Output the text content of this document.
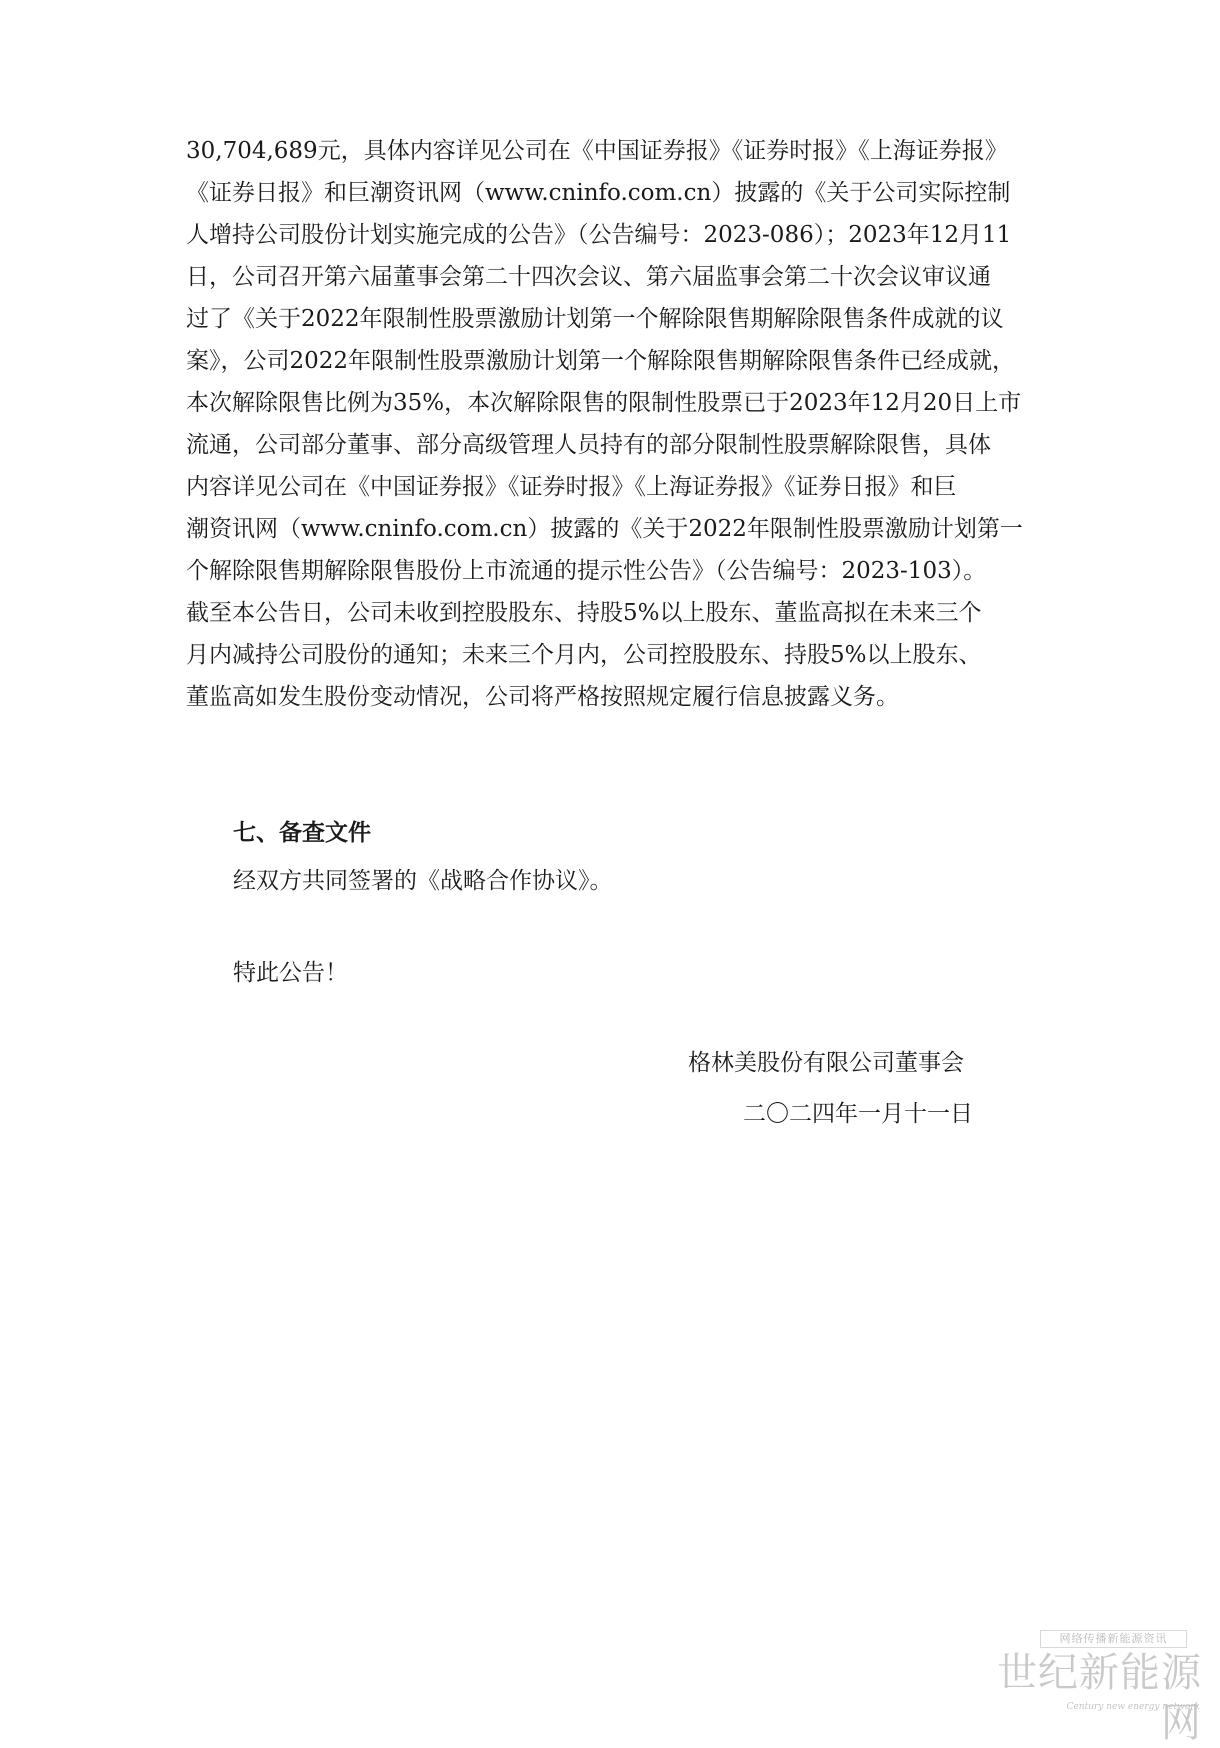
30,704,689元，具体内容详见公司在《中国证券报》《证券时报》《上海证券报》
《证券日报》和巨潮资讯网（www.cninfo.com.cn）披露的《关于公司实际控制
人增持公司股份计划实施完成的公告》（公告编号：2023-086）；2023年12月11
日，公司召开第六届董事会第二十四次会议、第六届监事会第二十次会议审议通
过了《关于2022年限制性股票激励计划第一个解除限售期解除限售条件成就的议
案》，公司2022年限制性股票激励计划第一个解除限售期解除限售条件已经成就，
本次解除限售比例为35%，本次解除限售的限制性股票已于2023年12月20日上市
流通，公司部分董事、部分高级管理人员持有的部分限制性股票解除限售，具体
内容详见公司在《中国证券报》《证券时报》《上海证券报》《证券日报》和巨
潮资讯网（www.cninfo.com.cn）披露的《关于2022年限制性股票激励计划第一
个解除限售期解除限售股份上市流通的提示性公告》（公告编号：2023-103）。
截至本公告日，公司未收到控股股东、持股5%以上股东、董监高拟在未来三个
月内减持公司股份的通知；未来三个月内，公司控股股东、持股5%以上股东、
董监高如发生股份变动情况，公司将严格按照规定履行信息披露义务。

七、备查文件

经双方共同签署的《战略合作协议》。

特此公告！

格林美股份有限公司董事会

二〇二四年一月十一日

网络传播新能源资讯
世纪新能源网
Century new energy network
